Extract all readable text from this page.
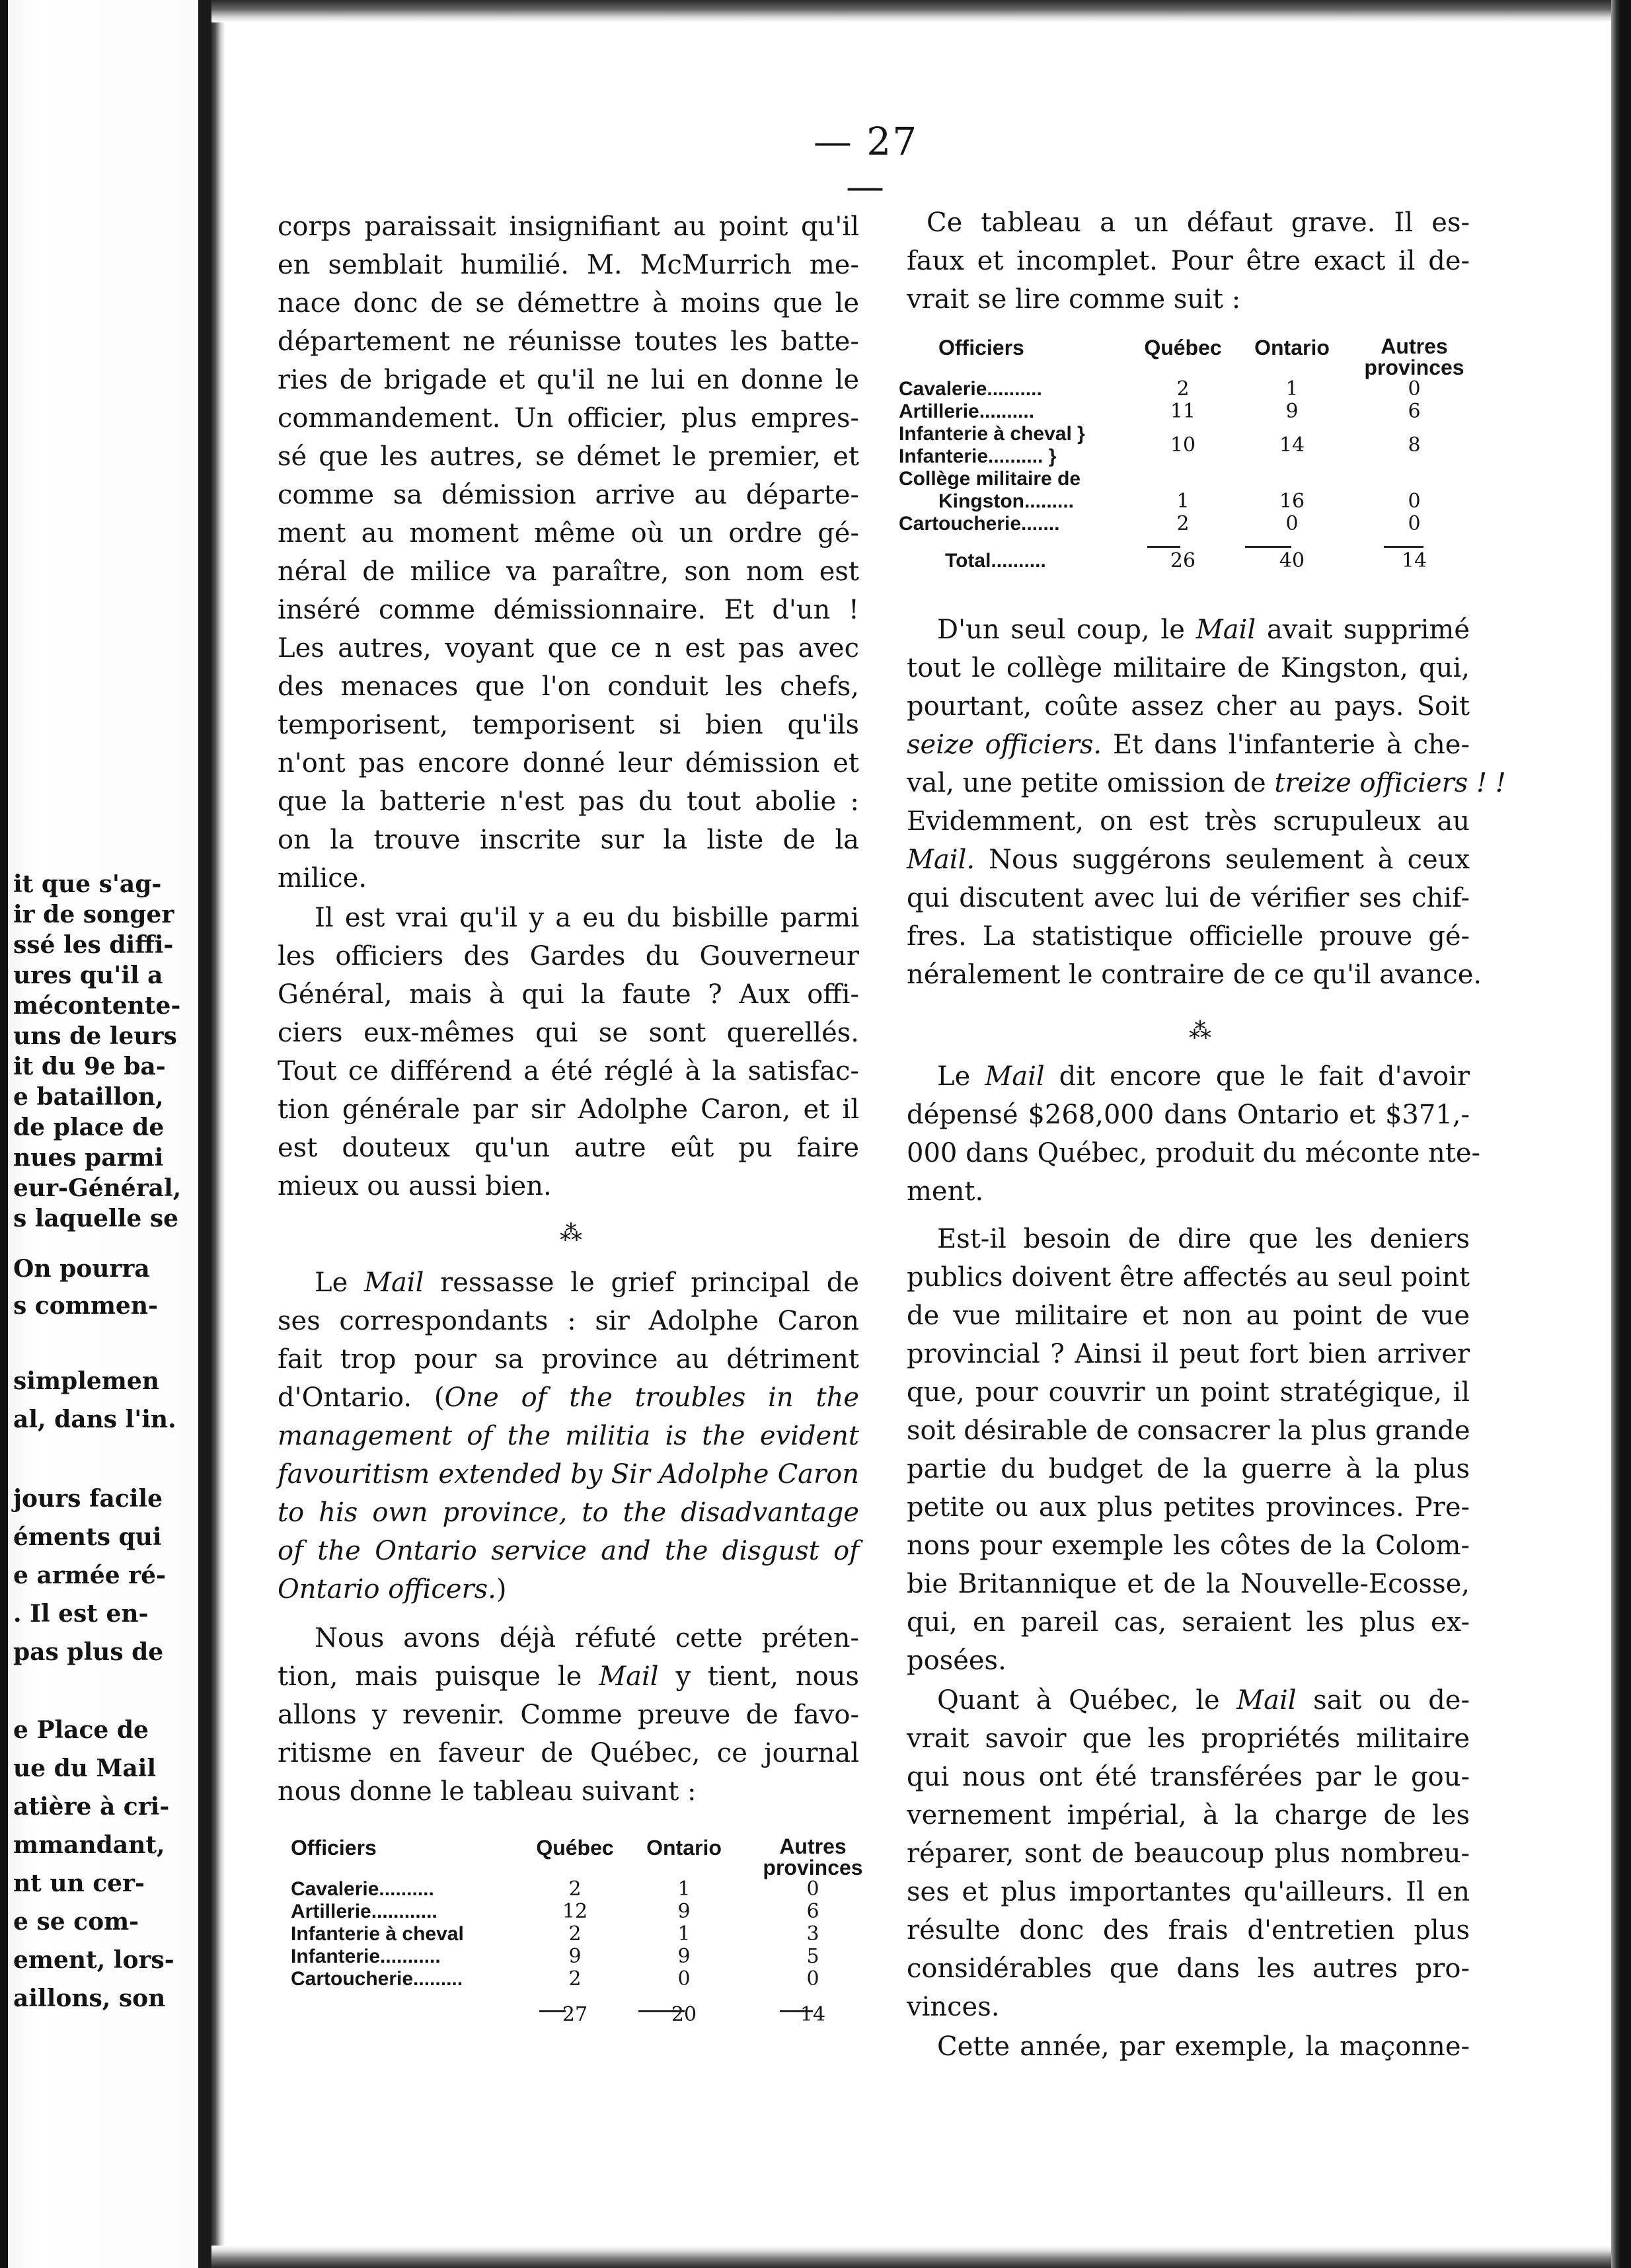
— 27 —
it que s'ag-
ir de songer
ssé les diffi-
ures qu'il a
mécontente-
uns de leurs
it du 9e ba-
e bataillon,
de place de
nues parmi
eur-Général,
s laquelle se
On pourra
s commen-
simplemen
al, dans l'in.
jours facile
éments qui
e armée ré-
. Il est en-
pas plus de
e Place de
ue du Mail
atière à cri-
mmandant,
nt un cer-
e se com-
ement, lors-
aillons, son
corps paraissait insignifiant au point qu'il
en semblait humilié. M. McMurrich me-
nace donc de se démettre à moins que le
département ne réunisse toutes les batte-
ries de brigade et qu'il ne lui en donne le
commandement. Un officier, plus empres-
sé que les autres, se démet le premier, et
comme sa démission arrive au départe-
ment au moment même où un ordre gé-
néral de milice va paraître, son nom est
inséré comme démissionnaire. Et d'un !
Les autres, voyant que ce n est pas avec
des menaces que l'on conduit les chefs,
temporisent, temporisent si bien qu'ils
n'ont pas encore donné leur démission et
que la batterie n'est pas du tout abolie :
on la trouve inscrite sur la liste de la
milice.
Il est vrai qu'il y a eu du bisbille parmi
les officiers des Gardes du Gouverneur
Général, mais à qui la faute ? Aux offi-
ciers eux-mêmes qui se sont querellés.
Tout ce différend a été réglé à la satisfac-
tion générale par sir Adolphe Caron, et il
est douteux qu'un autre eût pu faire
mieux ou aussi bien.
⁂
Le Mail ressasse le grief principal de
ses correspondants : sir Adolphe Caron
fait trop pour sa province au détriment
d'Ontario. (One of the troubles in the
management of the militia is the evident
favouritism extended by Sir Adolphe Caron
to his own province, to the disadvantage
of the Ontario service and the disgust of
Ontario officers.)
Nous avons déjà réfuté cette préten-
tion, mais puisque le Mail y tient, nous
allons y revenir. Comme preuve de favo-
ritisme en faveur de Québec, ce journal
nous donne le tableau suivant :
Officiers	Québec	Ontario	Autres provinces
Cavalerie..........	2	1	0
Artillerie............	12	9	6
Infanterie à cheval	2	1	3
Infanterie...........	9	9	5
Cartoucherie.........	2	0	0

	27	20	14
Ce tableau a un défaut grave. Il es-
faux et incomplet. Pour être exact il de-
vrait se lire comme suit :
Officiers	Québec	Ontario	Autres provinces
Cavalerie..........	2	1	0
Artillerie..........	11	9	6
Infanterie à cheval }	10	14	8
Infanterie.......... }			
Collège militaire de			
Kingston.........	1	16	0
Cartoucherie.......	2	0	0

Total..........	26	40	14
D'un seul coup, le Mail avait supprimé
tout le collège militaire de Kingston, qui,
pourtant, coûte assez cher au pays. Soit
seize officiers. Et dans l'infanterie à che-
val, une petite omission de treize officiers ! !
Evidemment, on est très scrupuleux au
Mail. Nous suggérons seulement à ceux
qui discutent avec lui de vérifier ses chif-
fres. La statistique officielle prouve gé-
néralement le contraire de ce qu'il avance.
⁂
Le Mail dit encore que le fait d'avoir
dépensé $268,000 dans Ontario et $371,-
000 dans Québec, produit du méconte nte-
ment.
Est-il besoin de dire que les deniers
publics doivent être affectés au seul point
de vue militaire et non au point de vue
provincial ? Ainsi il peut fort bien arriver
que, pour couvrir un point stratégique, il
soit désirable de consacrer la plus grande
partie du budget de la guerre à la plus
petite ou aux plus petites provinces. Pre-
nons pour exemple les côtes de la Colom-
bie Britannique et de la Nouvelle-Ecosse,
qui, en pareil cas, seraient les plus ex-
posées.
Quant à Québec, le Mail sait ou de-
vrait savoir que les propriétés militaire
qui nous ont été transférées par le gou-
vernement impérial, à la charge de les
réparer, sont de beaucoup plus nombreu-
ses et plus importantes qu'ailleurs. Il en
résulte donc des frais d'entretien plus
considérables que dans les autres pro-
vinces.
Cette année, par exemple, la maçonne-
